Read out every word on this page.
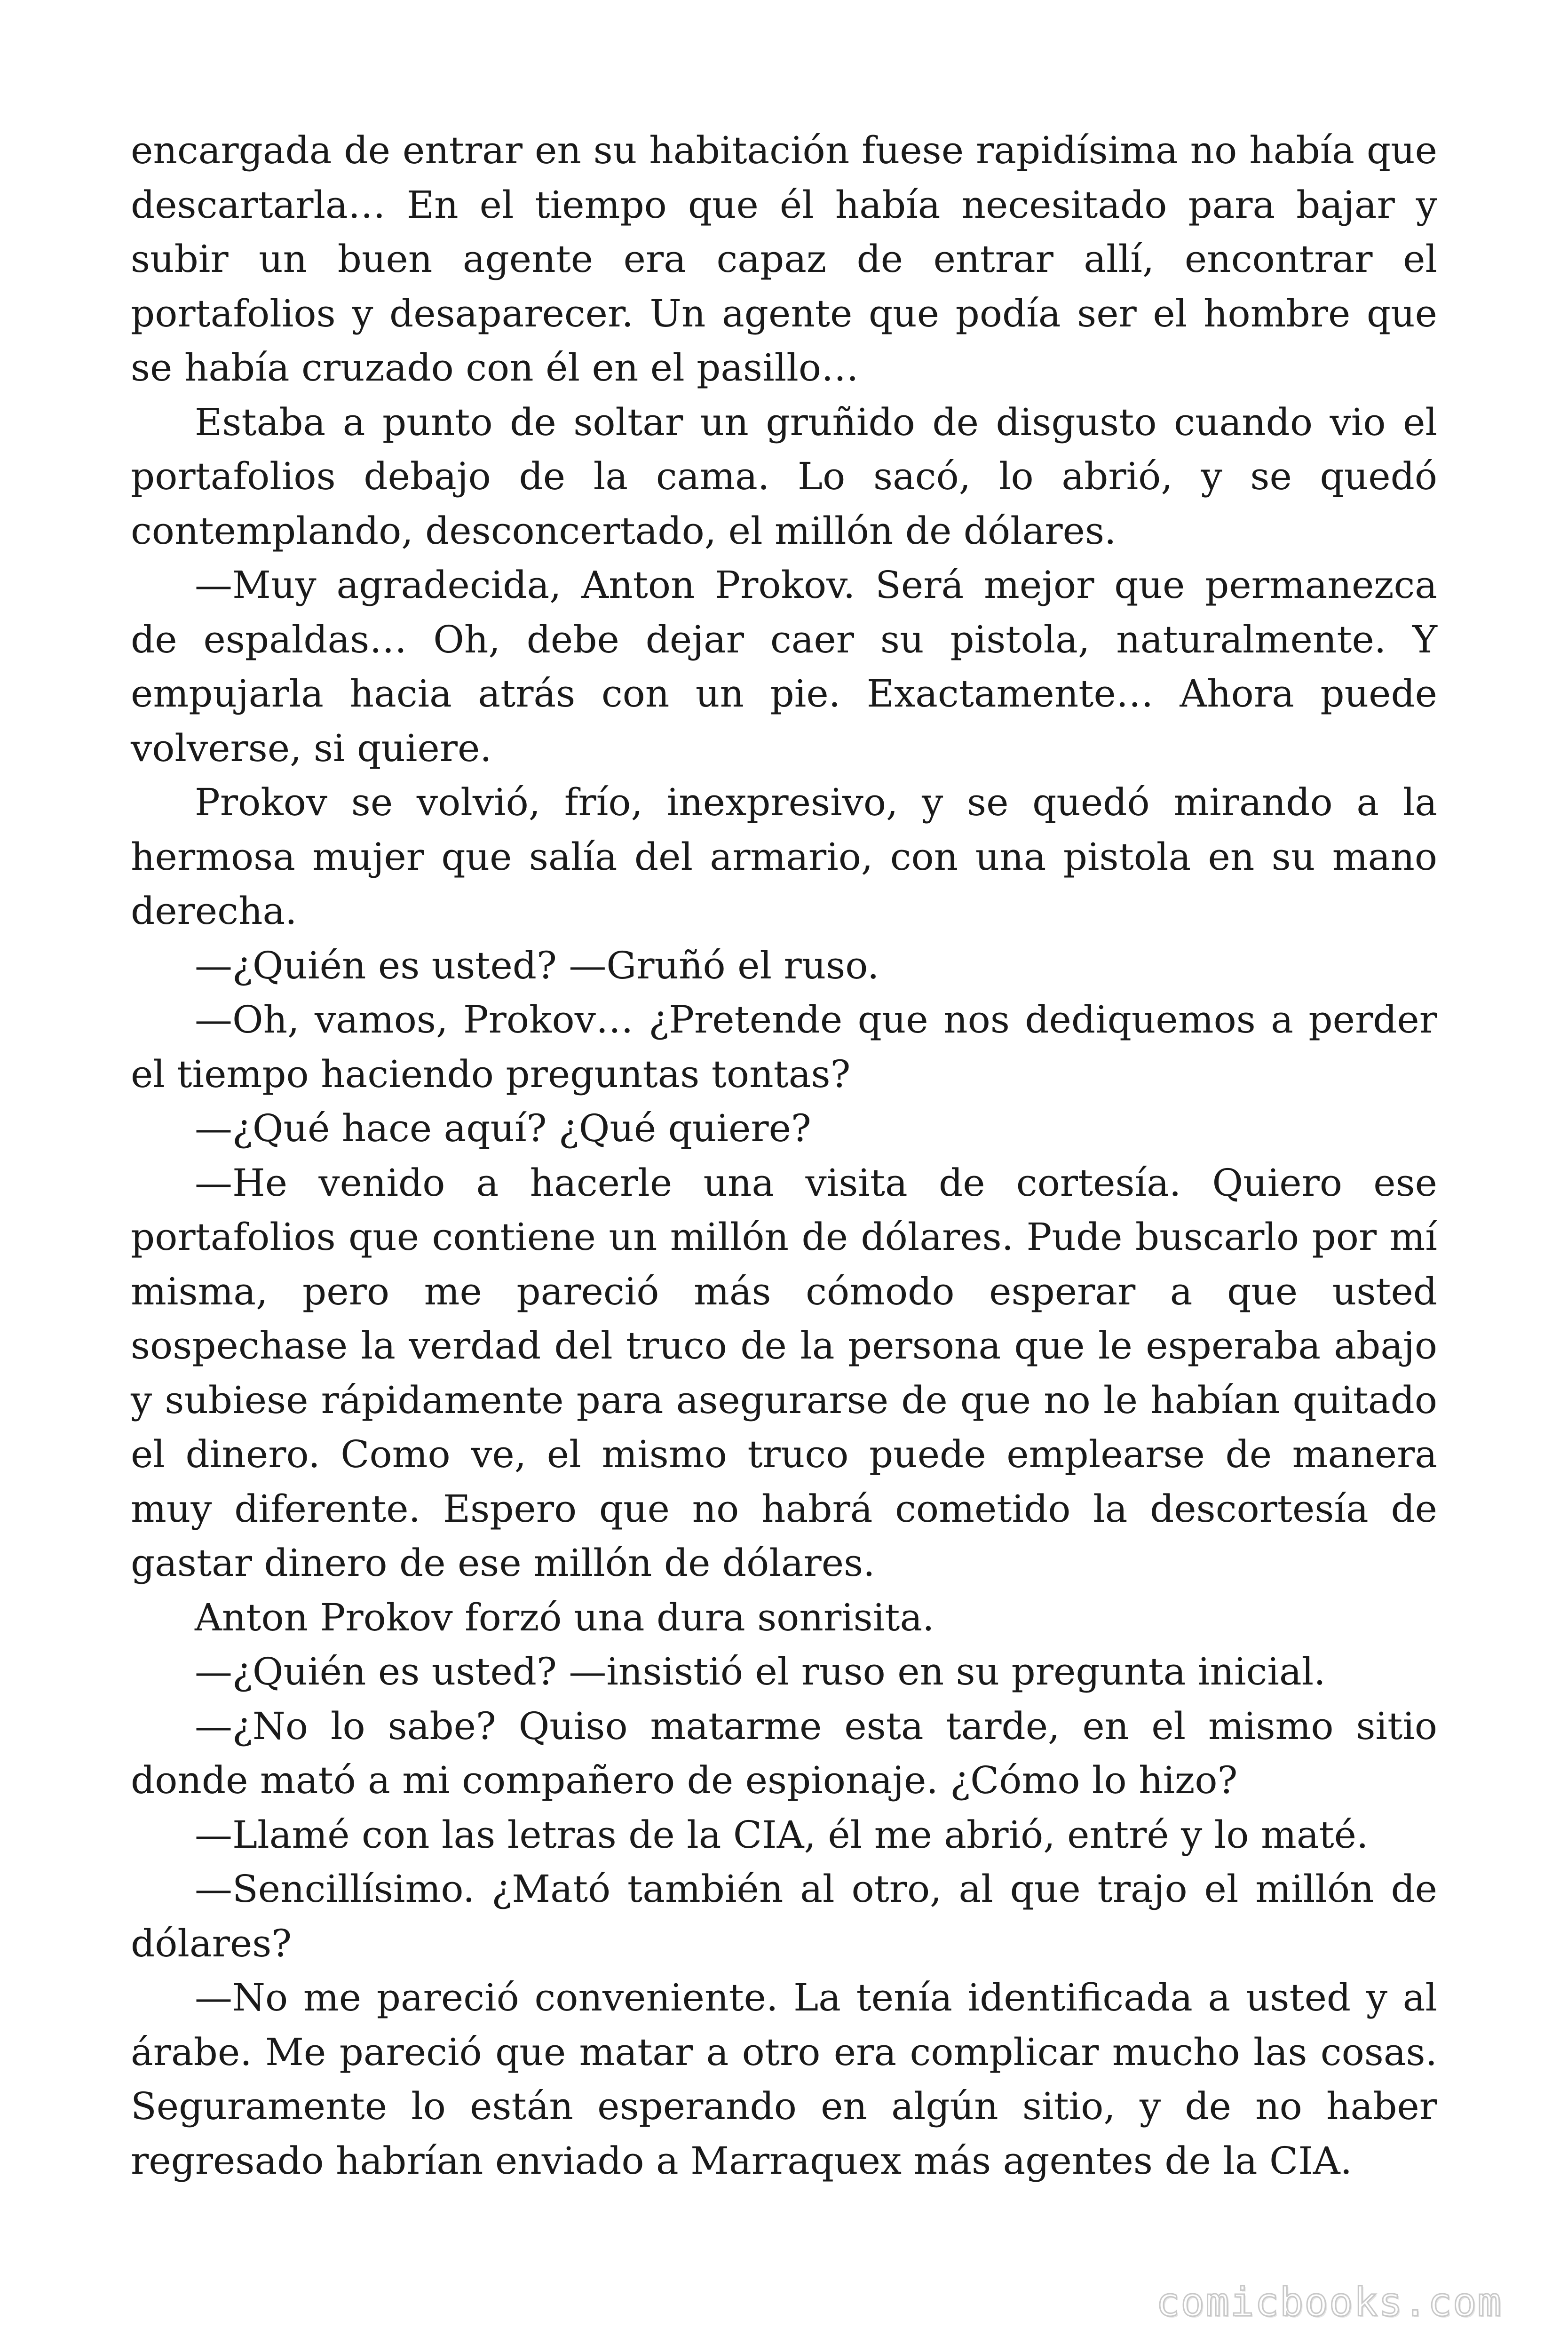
encargada de entrar en su habitación fuese rapidísima no había que descartarla… En el tiempo que él había necesitado para bajar y subir un buen agente era capaz de entrar allí, encontrar el portafolios y desaparecer. Un agente que podía ser el hombre que se había cruzado con él en el pasillo…

Estaba a punto de soltar un gruñido de disgusto cuando vio el portafolios debajo de la cama. Lo sacó, lo abrió, y se quedó contemplando, desconcertado, el millón de dólares.

—Muy agradecida, Anton Prokov. Será mejor que permanezca de espaldas… Oh, debe dejar caer su pistola, naturalmente. Y empujarla hacia atrás con un pie. Exactamente… Ahora puede volverse, si quiere.

Prokov se volvió, frío, inexpresivo, y se quedó mirando a la hermosa mujer que salía del armario, con una pistola en su mano derecha.

—¿Quién es usted? —Gruñó el ruso.

—Oh, vamos, Prokov… ¿Pretende que nos dediquemos a perder el tiempo haciendo preguntas tontas?

—¿Qué hace aquí? ¿Qué quiere?

—He venido a hacerle una visita de cortesía. Quiero ese portafolios que contiene un millón de dólares. Pude buscarlo por mí misma, pero me pareció más cómodo esperar a que usted sospechase la verdad del truco de la persona que le esperaba abajo y subiese rápidamente para asegurarse de que no le habían quitado el dinero. Como ve, el mismo truco puede emplearse de manera muy diferente. Espero que no habrá cometido la descortesía de gastar dinero de ese millón de dólares.

Anton Prokov forzó una dura sonrisita.

—¿Quién es usted? —insistió el ruso en su pregunta inicial.

—¿No lo sabe? Quiso matarme esta tarde, en el mismo sitio donde mató a mi compañero de espionaje. ¿Cómo lo hizo?

—Llamé con las letras de la CIA, él me abrió, entré y lo maté.

—Sencillísimo. ¿Mató también al otro, al que trajo el millón de dólares?

—No me pareció conveniente. La tenía identificada a usted y al árabe. Me pareció que matar a otro era complicar mucho las cosas. Seguramente lo están esperando en algún sitio, y de no haber regresado habrían enviado a Marraquex más agentes de la CIA.

comicbooks.com
